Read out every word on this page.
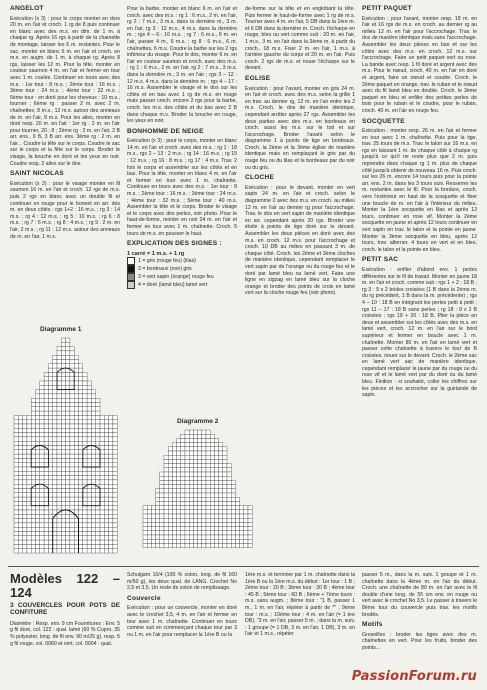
ANGELOT

Exécution (x 3) : pour le corps monter en dors 20 m. en l'air et croch. 1 rg de 8 puis continuer en blanc avec des m.s. en dim. de 1 m. à chaque rg. Après 16 rgs à partir de la chainette de montage, laisser les 6 m. restantes. Pour le sac, monter en blanc 6 m. en l'air et croch. en m.s. en augm. de 1 m. à chaque rg. Après 8 rgs, laisser les 12 m. Pour la tête, monter en couleur saumon 4 m. en l'air et fermer en tour avec 1 m. coulée. Continuer en tours avec des m.s. : 1er tour : 8 m.s. ; 2ème tour : 16 m.s. ; 3ème tour : 24 m.s. ; 4ème tour : 32 m.s. ; 5ème tour : en doré pour les cheveux : 10 m.s., tourner ; 6ème rg : passer 2 m. avec 2 m. chaînettes, 8 m.s., 12 m.s. autour des anneaux de m. en l'air, 8 m.s. Pour les ailes, monter en doré resp. 20 m. en l'air : 1er rg : 2 m. en l'air pour tourner, 20 ; 8 ; 2ème rg : 2 m. en l'air, 2 B arr. ens., 9 B, 3 B arr. ens. 3ème rg : 2 m. en l'air... Coudre la tête sur le corps. Coudre le sac sur le corps et la fête sur le corps. Broder le visage, la bouche en doré et les yeux en noir. Coudre resp. 2 ailes sur le dos.

SAINT NICOLAS

Exécution (x 3) : pour le visage monter en fil saumon 16 m. en l'air et croch. 12 rgs de m.s. puis 2 rgs en blanc avec un double fil et continuer en rouge pour le bonnet en arr. des m. en deux côtés : rgs 1+2 : 16 m.s. ; rg 3 : 14 m.s. ; rg 4 : 12 m.s. ; rg 5 : 10 m.s. ; rg 6 : 8 m.s. ; rg 7 : 6 m.s. ; rg 8 : 4 m.s. ; rg 9 : 2 m. en l'air, 2 m.s. ; rg 11 : 12 m.s. autour des anneaux de m. en l'air, 1 m.s.

Pour la barbe, monter en blanc 6 m. en l'air et croch. avec des m.s. : rg 1 : 6 m.s., 2 m. en l'air, rg 2 : 7 m.s., 3 m.s. dans la dernière m., 3 m. en l'air, rg 3 : 12 m.s., 4 m.s. dans la dernière m. ; rgs 4 – 6 : 16 m.s. ; rg 7 : 6 m.s., 6 m. en l'air, passer 4 m., 6 m.s. ; rg 8 : 6 m.s., 6 m. chaînettes, 6 m.s. Coudre la barbe sur les 2 rgs inférieur du visage. Pour le dos, monter 6 m. en l'air en couleur saumon et croch. avec des m.s. : rg 1 : 6 m.s., 2 m. en l'air, rg 2 : 7 m.s., 3 m.s. dans la dernière m., 3 m. en l'air ; rgs 3 – 12 : 12 m.s. 4 m.s. dans la dernière m. ; rgs 4 – 17 : 16 m.s. Assembler le visage et le dos sur les côtés et en bas avec 1 rg de m.s. en rouge mais passer croch. encore 2 rgs pour la barbe, croch. les m.s. des côtés et du bas avec 2 B dans chaque m.s. Broder la bouche en rouge, les yeux en noir.

BONHOMME DE NEIGE

Exécution (x 3) : pour le corps, monter en blanc 14 m. en l'air et croch. avec des m.s. : rg 1 : 18 m.s., rgs 2 – 13 : 2 m.s. ; rg 14 : 16 m.s. ; rg 15 : 12 m.s. ; rg 16 : 8 m.s. ; rg 17 : 4 m.s. Trav. 2 fois le corps et assembler sur les côtés et en bas. Pour la tête, monter en blanc 4 m. en l'air et fermer en tour avec 1 m. chaînette. Continuer en tours avec des m.s. : 1er tour : 8 m.s. ; 2ème tour : 16 m.s. ; 3ème tour : 24 m.s. ; 4ème tour : 32 m.s. ; 5ème tour : 40 m.s. Assembler la tête et le corps. Broder le visage et le corps avec des perles, voir photo. Pour le haut-de-forme, monter en noir 24 m. en l'air et fermer en tour avec 1 m. chaînette. Croch. 5 tours de m.s. en pousser le haut.

EXPLICATION DES SIGNES :
1 carré = 1 m.s. + 1 rg
1 = gris (rouge feu) (lilas)
2 = bordeaux (noir) gris
3 = vert sapin (orange) rouge feu
4 = doré (lamé bleu) lamé vert

de-forme sur la tête et en englobant la tête. Puis fermer le haut-de-forme avec 1 rg de m.s. Tourner avec 4 m. en l'air, 5 DB dans la 1ère m. et 6 DB dans la dernière m. Croch. l'écharpe en rouge, bleu ou vert comme suit : 20 m. en l'air, 1 m.s., 3 m. en l'air dans la 3ème m. à partir du croch., 18 m.s. Fixer 2 m. en l'air, 1 m.s. à l'arrière gauche du corps et 20 m. en l'air. Puis croch. 2 rgs de m.s. et nouer l'écharpe sur le devant.

EGLISE

Exécution : pour l'avant, monter en gris 24 m. en l'air et croch. avec des m.s. selon la grille 1 en trav. au dernier rg, 12 m. en l'air entre les 2 m.s. Croch. le dos de manière identique, cependant arrêter après 27 rgs. Assembler les deux parties avec des m.s. en bordeaux en croch. aussi les m.s. sur le toit et sur l'accrochage. Broder l'avant selon le diagramme 1 à points de tige en bordeaux. Croch. la 2ème et la 3ème église de manière identique mais en remplaçant le gris par du rouge feu ou du lilas et le bordeaux par du noir ou du gris.

CLOCHE

Exécution : pour le devant, monter en vert sapin 24 m. en l'air et croch. selon le diagramme 2 avec des m.s. en croch. au milieu 12 m. en l'air au dernier rg pour l'accrochage. Trav. le dos en vert sapin de manière identique en arr. cependant après 20 rgs. Broder une étoile à points de tige doré sur le devant. Assembler les deux pièces en doré avec des m.s. en croch. 12 m.s. pour l'accrochage et croch. 10 DB au milieu en passant 3 m. de chaque côté. Croch. les 2ème et 3ème cloches de manière identique, cependant remplacer le vert sapin par de l'orange ou du rouge feu et le doré par lamé bleu ou lamé vert. Faire une ligne en zigzag en lamé bleu sur la cloche orange et broder des points de croix en lamé vert sur la cloche rouge feu (voir photo).

PETIT PAQUET

Exécution : pour l'avant, monter resp. 18 m. en l'air et 16 rgs de m.s. en croch. au dernier rg au milieu 12 m. en l'air pour l'accrochage. Trav. le dos de manière identique mais sans l'accrochage. Assembler les deux pièces en bas et sur les côtés avec des m.s. en croch. 12 m.s. sur l'accrochage. Faire un petit paquet vert ou rose. La bande avec resp. 1 fil doré et argent avec des m.s. Pour le nœud, croch. 40 m. en l'air en doré et argent, faire un nœud et coudre. Croch. le 2ème paquet en orange, trav. le ruban et le nœud avec du fil lamé bleu en double. Croch. le 3ème paquet en bleu et enfiler des petites perles de bois pour le ruban et le coudre, pour le ruban, croch. 40 m. en l'air en rouge feu.

SOCQUETTE

Exécution : monter resp. 26 m. en l'air et fermer en tour avec 1 m. chaînette. Puis pour la tige, trav. 25 tours de m.s. Trav. le talon sur 16 m.s. en rgs en laissant 1 m. de chaque côté à chaque rg jusqu'à ce qu'il ne reste plus que 2 m. puis reprendre dans chaque rg 1 m. plus de chaque côté jusqu'à obtenir de nouveau 16 m. Puis croch. sur les 26 m. encore 14 tours puis pour la pointe arr. ens. 2 m. dans les 3 tours suiv. Resserrer les m. restantes avec le fil. Pour la bordure, croch. vers l'extérieur en haut de la socquette et fixer une boucle de m. en l'air à l'intérieur du milieu. Monter la 1ère socquette en lilas et après 12 tours, continuer en rose vif. Monter la 2ème socquette en jaune et après 12 tours continuer en vert sapin en trav. le talon et la pointe en jaune. Monter la 3ème socquette en bleu, après 12 tours, trav. alterner. 4 tours en vert et en bleu, croch. le talon et la pointe en bleu.

PETIT SAC

Exécution : enfiler d'abord env. 1 perles différentes sur le fil de travail. Monter en jaune 18 m. en l'air et croch. comme suit : rgs 1 + 2 : 18 B ; rg 3 : 9 x 2 brides croisées (1 B dans la 2ème m. du rg précédent, 1 B dans la m. précédente) ; rgs 4 – 10 : 18 B en intégrant les perles petit à petit ; rgs 11 – 17 : 18 B sans perles ; rg 18 : 9 x 2 B croisées ; rgs 19 + 20 : 18 B. Plier la pièce en deux et assembler sur les côtés avec des m.s. en lamé vert, croch. 12 m. en l'air sur le bord supérieur et fermer en boucle avec 1 m. chaînette. Monter 80 m. en l'air en lamé vert et passer cette chaînette à travers le tour de B croisées, nouer sur le devant. Croch. le 2ème sac en lamé vert sac de manière identique, cependant remplacer le jaune par du rouge ou du rose vif et le lamé vert par du doré ou du lamé bleu. Finition : si souhaité, coller les chiffres sur les pièces et les accrocher sur la guirlande de sapin.

Diagramme 1
Diagramme 2
Modèles 122 – 124
3 COUVERCLES POUR POTS DE CONFITURE

Diamètre : Resp. env. 9 cm Fournitures : Env. 5 g fil doré, col. 122 : qual. lamé (60 % Cupro, 35 % polyester, long. de fil env. 90 m/25 g), resp. 5 g fil rouge, col. 0060 et vert, col. 0004 : qual.

Schulgarn 10/4 (100 % coton, long. de fil 160 m/50 g), les deux qual. de LANG. Crochet No 2,5 et 3,5. Un reste de coton de remplissage.

Couvercle

Exécution : pour un couvercle, monter en doré avec le crochet 3,5, 4 m. en l'air et fermer en tour avec 1 m. chaînette. Continuer en tours comme suit en commençant chaque tour par 3 ou 1 m. en l'air pour remplacer la 1ère B ou la

1ère m.s. et terminer par 1 m. chaînette dans la 1ère B ou la 1ère m.s. du début : 1er tour : 1 B ; 2ème tour : 20 B ; 3ème tour : 30 B ; 4ème tour : 45 B ; 5ème tour : 60 B ; 6ème + 7ème tours : m.s. sans augm. ; 8ème tour : "1 B, passer 1 m., 1 m. en l'air, répéter à partir de *" ; 9ème tour : m.s. ; 10ème tour : 4 m. en l'air (= 1 ère DB), "3 m. en l'air, passer 5 m. ; dans la m. suiv. : 1 groupe (= 1 DB, 3 m. en l'air, 1 DB), 3 m. en l'air et 1 m.s., répéter

passer 5 m., dans la m. suiv. 1 groupe et 1 m. chaînette dans la 4ème m. en l'air du début. Croch. une chaînette de 80 m. en l'air avec le fil double d'une long. de 55 cm env. en rouge ou vert avec le crochet No 3,5. Le passer à travers le 8ème tour du couvercle puis trav. les motifs brodés.

Motifs

Groseilles : broder les tiges avec des m. chaînettes en vert. Pour les fruits, broder des points...

PassionForum.ru
